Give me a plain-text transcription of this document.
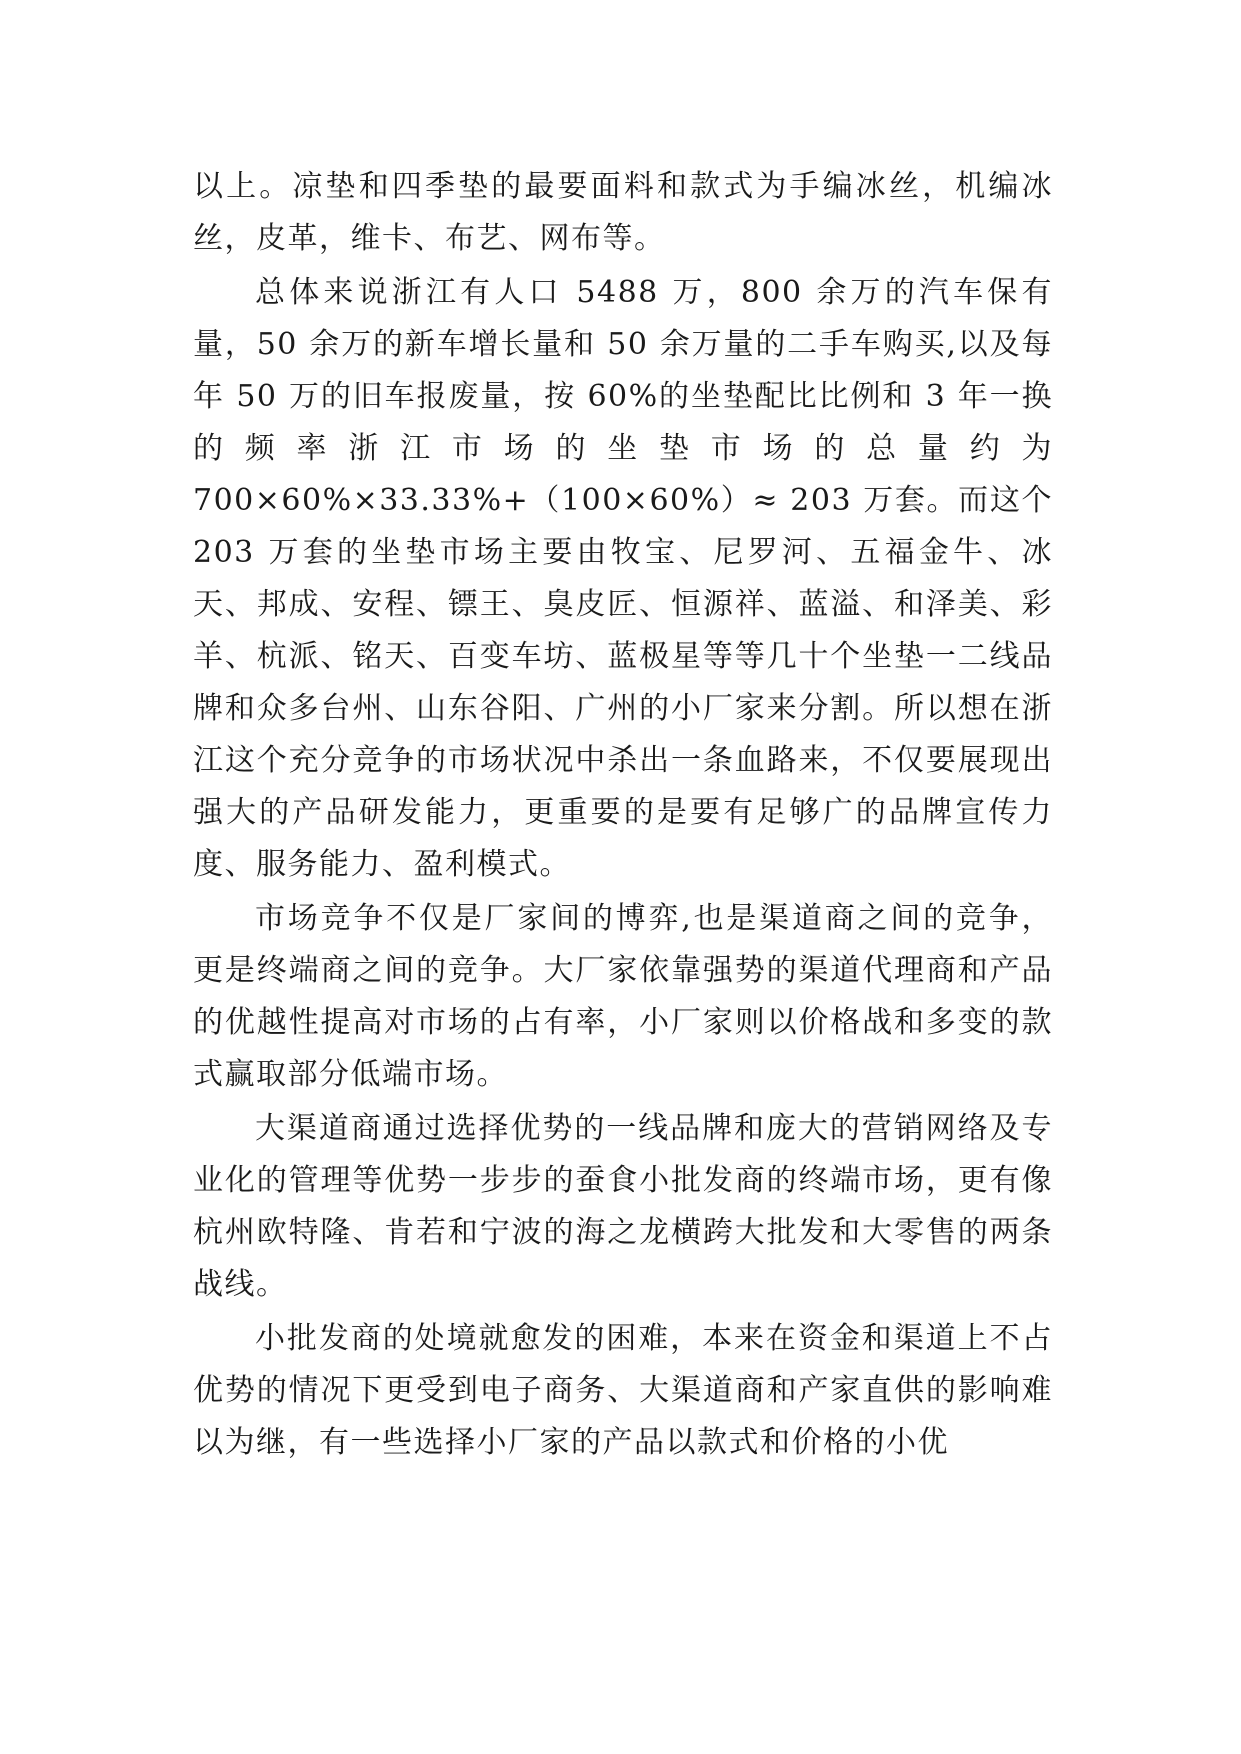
以上。凉垫和四季垫的最要面料和款式为手编冰丝，机编冰丝，皮革，维卡、布艺、网布等。

总体来说浙江有人口 5488 万，800 余万的汽车保有量，50 余万的新车增长量和 50 余万量的二手车购买,以及每年 50 万的旧车报废量，按 60%的坐垫配比比例和 3 年一换的频率浙江市场的坐垫市场的总量约为 700×60%×33.33%+（100×60%）≈ 203 万套。而这个 203 万套的坐垫市场主要由牧宝、尼罗河、五福金牛、冰天、邦成、安程、镖王、臭皮匠、恒源祥、蓝溢、和泽美、彩羊、杭派、铭天、百变车坊、蓝极星等等几十个坐垫一二线品牌和众多台州、山东谷阳、广州的小厂家来分割。所以想在浙江这个充分竞争的市场状况中杀出一条血路来，不仅要展现出强大的产品研发能力，更重要的是要有足够广的品牌宣传力度、服务能力、盈利模式。

市场竞争不仅是厂家间的博弈,也是渠道商之间的竞争，更是终端商之间的竞争。大厂家依靠强势的渠道代理商和产品的优越性提高对市场的占有率，小厂家则以价格战和多变的款式赢取部分低端市场。

大渠道商通过选择优势的一线品牌和庞大的营销网络及专业化的管理等优势一步步的蚕食小批发商的终端市场，更有像杭州欧特隆、肯若和宁波的海之龙横跨大批发和大零售的两条战线。

小批发商的处境就愈发的困难，本来在资金和渠道上不占优势的情况下更受到电子商务、大渠道商和产家直供的影响难以为继，有一些选择小厂家的产品以款式和价格的小优
